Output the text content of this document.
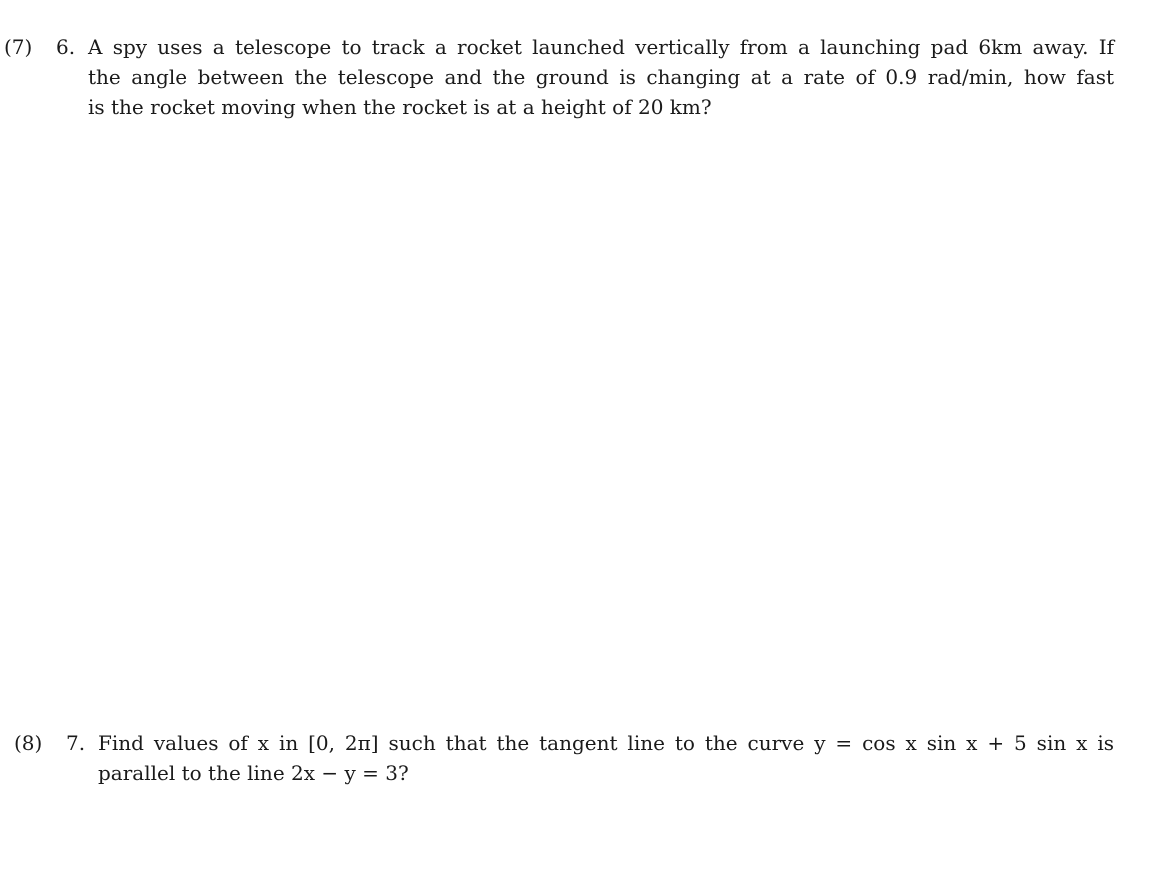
(7)	6. A spy uses a telescope to track a rocket launched vertically from a launching pad 6km away. If
the angle between the telescope and the ground is changing at a rate of 0.9 rad/min, how fast
is the rocket moving when the rocket is at a height of 20 km?
(8)	7. Find values of x in [0, 2π] such that the tangent line to the curve y = cos x sin x + 5 sin x is
parallel to the line 2x − y = 3?
